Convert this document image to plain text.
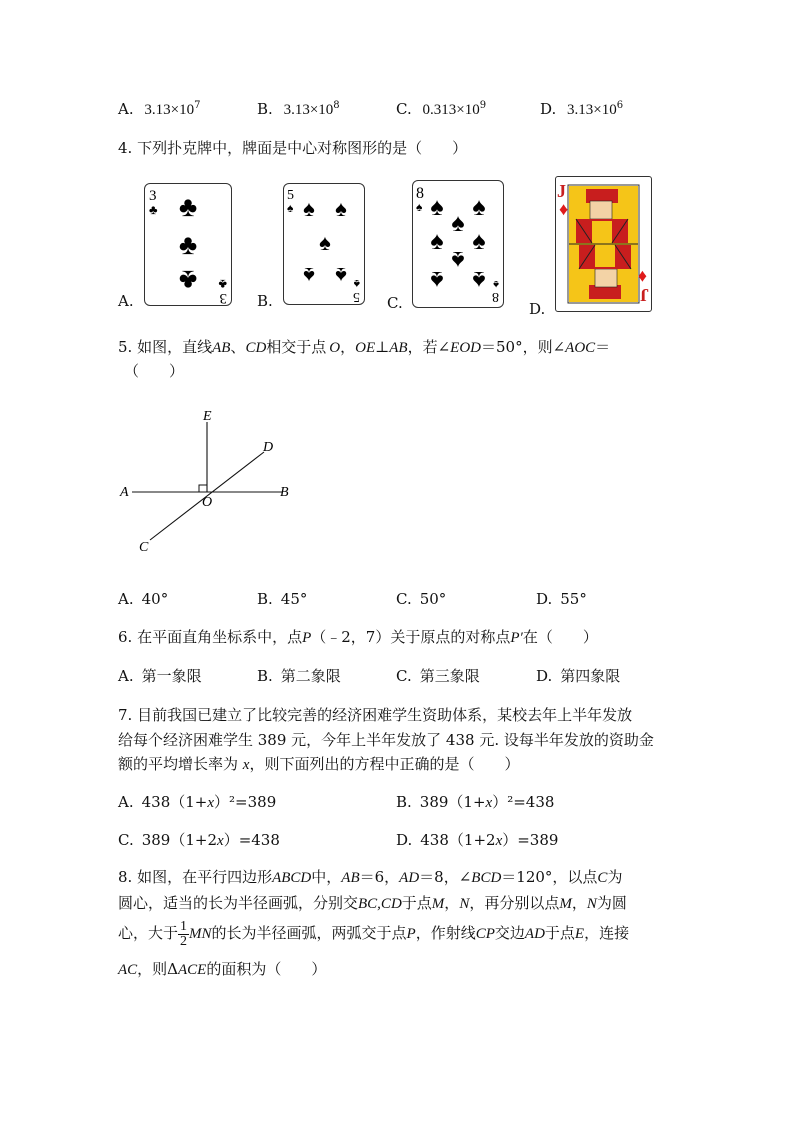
A. $3.13\times 10^7$	B. $3.13\times 10^8$	C. $0.313\times 10^9$	D. $3.13\times 10^6$
4. 下列扑克牌中，牌面是中心对称图形的是（　　）
3
♣ ♣
♣
♣
3
♣
A.
5
♠ ♠ ♠
♠
♠ ♠
5
♠
B.
8
♠ ♠ ♠
♠
♠ ♠
♠
♠ ♠
8
♠
C.
J
♦
J
♦
D.
5. 如图，直线AB、CD相交于点 O，OE⊥AB，若∠EOD＝50°，则∠AOC＝
（　　）
E
D
A	B
O
C
A. 40°	B. 45°	C. 50°	D. 55°
6. 在平面直角坐标系中，点P（﹣2，7）关于原点的对称点P′在（　　）
A. 第一象限	B. 第二象限	C. 第三象限	D. 第四象限
7. 目前我国已建立了比较完善的经济困难学生资助体系，某校去年上半年发放
给每个经济困难学生 389 元，今年上半年发放了 438 元. 设每半年发放的资助金
额的平均增长率为 x，则下面列出的方程中正确的是（　　）
A. 438（1+x）²=389	B. 389（1+x）²=438
C. 389（1+2x）=438	D. 438（1+2x）=389
8. 如图，在平行四边形ABCD中，AB＝6，AD＝8，∠BCD＝120°，以点C为
圆心，适当的长为半径画弧，分别交BC,CD于点M，N，再分别以点M，N为圆
心，大于 $\frac{1}{2}$ MN的长为半径画弧，两弧交于点P，作射线CP交边AD于点E，连接
AC，则ΔACE的面积为（　　）
